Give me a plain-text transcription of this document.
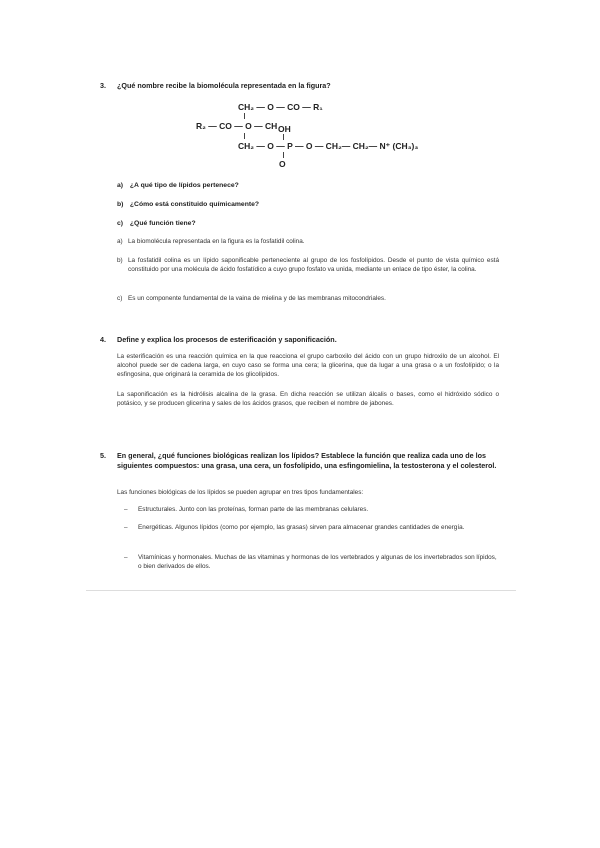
3.	¿Qué nombre recibe la biomolécula representada en la figura?
CH₂ — O — CO — R₁
R₂ — CO — O — CH OH
CH₂ — O — P — O — CH₂— CH₂— N⁺ (CH₃)₃
O
a) ¿A qué tipo de lípidos pertenece?
b) ¿Cómo está constituido químicamente?
c) ¿Qué función tiene?
a) La biomolécula representada en la figura es la fosfatidil colina.
b) La fosfatidil colina es un lípido saponificable perteneciente al grupo de los fosfolípidos. Desde el punto de vista químico está constituido por una molécula de ácido fosfatídico a cuyo grupo fosfato va unida, mediante un enlace de tipo éster, la colina.
c) Es un componente fundamental de la vaina de mielina y de las membranas mitocondriales.
4.	Define y explica los procesos de esterificación y saponificación.
La esterificación es una reacción química en la que reacciona el grupo carboxilo del ácido con un grupo hidroxilo de un alcohol. El alcohol puede ser de cadena larga, en cuyo caso se forma una cera; la glicerina, que da lugar a una grasa o a un fosfolípido; o la esfingosina, que originará la ceramida de los glicolípidos.
La saponificación es la hidrólisis alcalina de la grasa. En dicha reacción se utilizan álcalis o bases, como el hidróxido sódico o potásico, y se producen glicerina y sales de los ácidos grasos, que reciben el nombre de jabones.
5.	En general, ¿qué funciones biológicas realizan los lípidos? Establece la función que realiza cada uno de los siguientes compuestos: una grasa, una cera, un fosfolípido, una esfingomielina, la testosterona y el colesterol.
Las funciones biológicas de los lípidos se pueden agrupar en tres tipos fundamentales:
– Estructurales. Junto con las proteínas, forman parte de las membranas celulares.
– Energéticas. Algunos lípidos (como por ejemplo, las grasas) sirven para almacenar grandes cantidades de energía.
– Vitamínicas y hormonales. Muchas de las vitaminas y hormonas de los vertebrados y algunas de los invertebrados son lípidos, o bien derivados de ellos.
